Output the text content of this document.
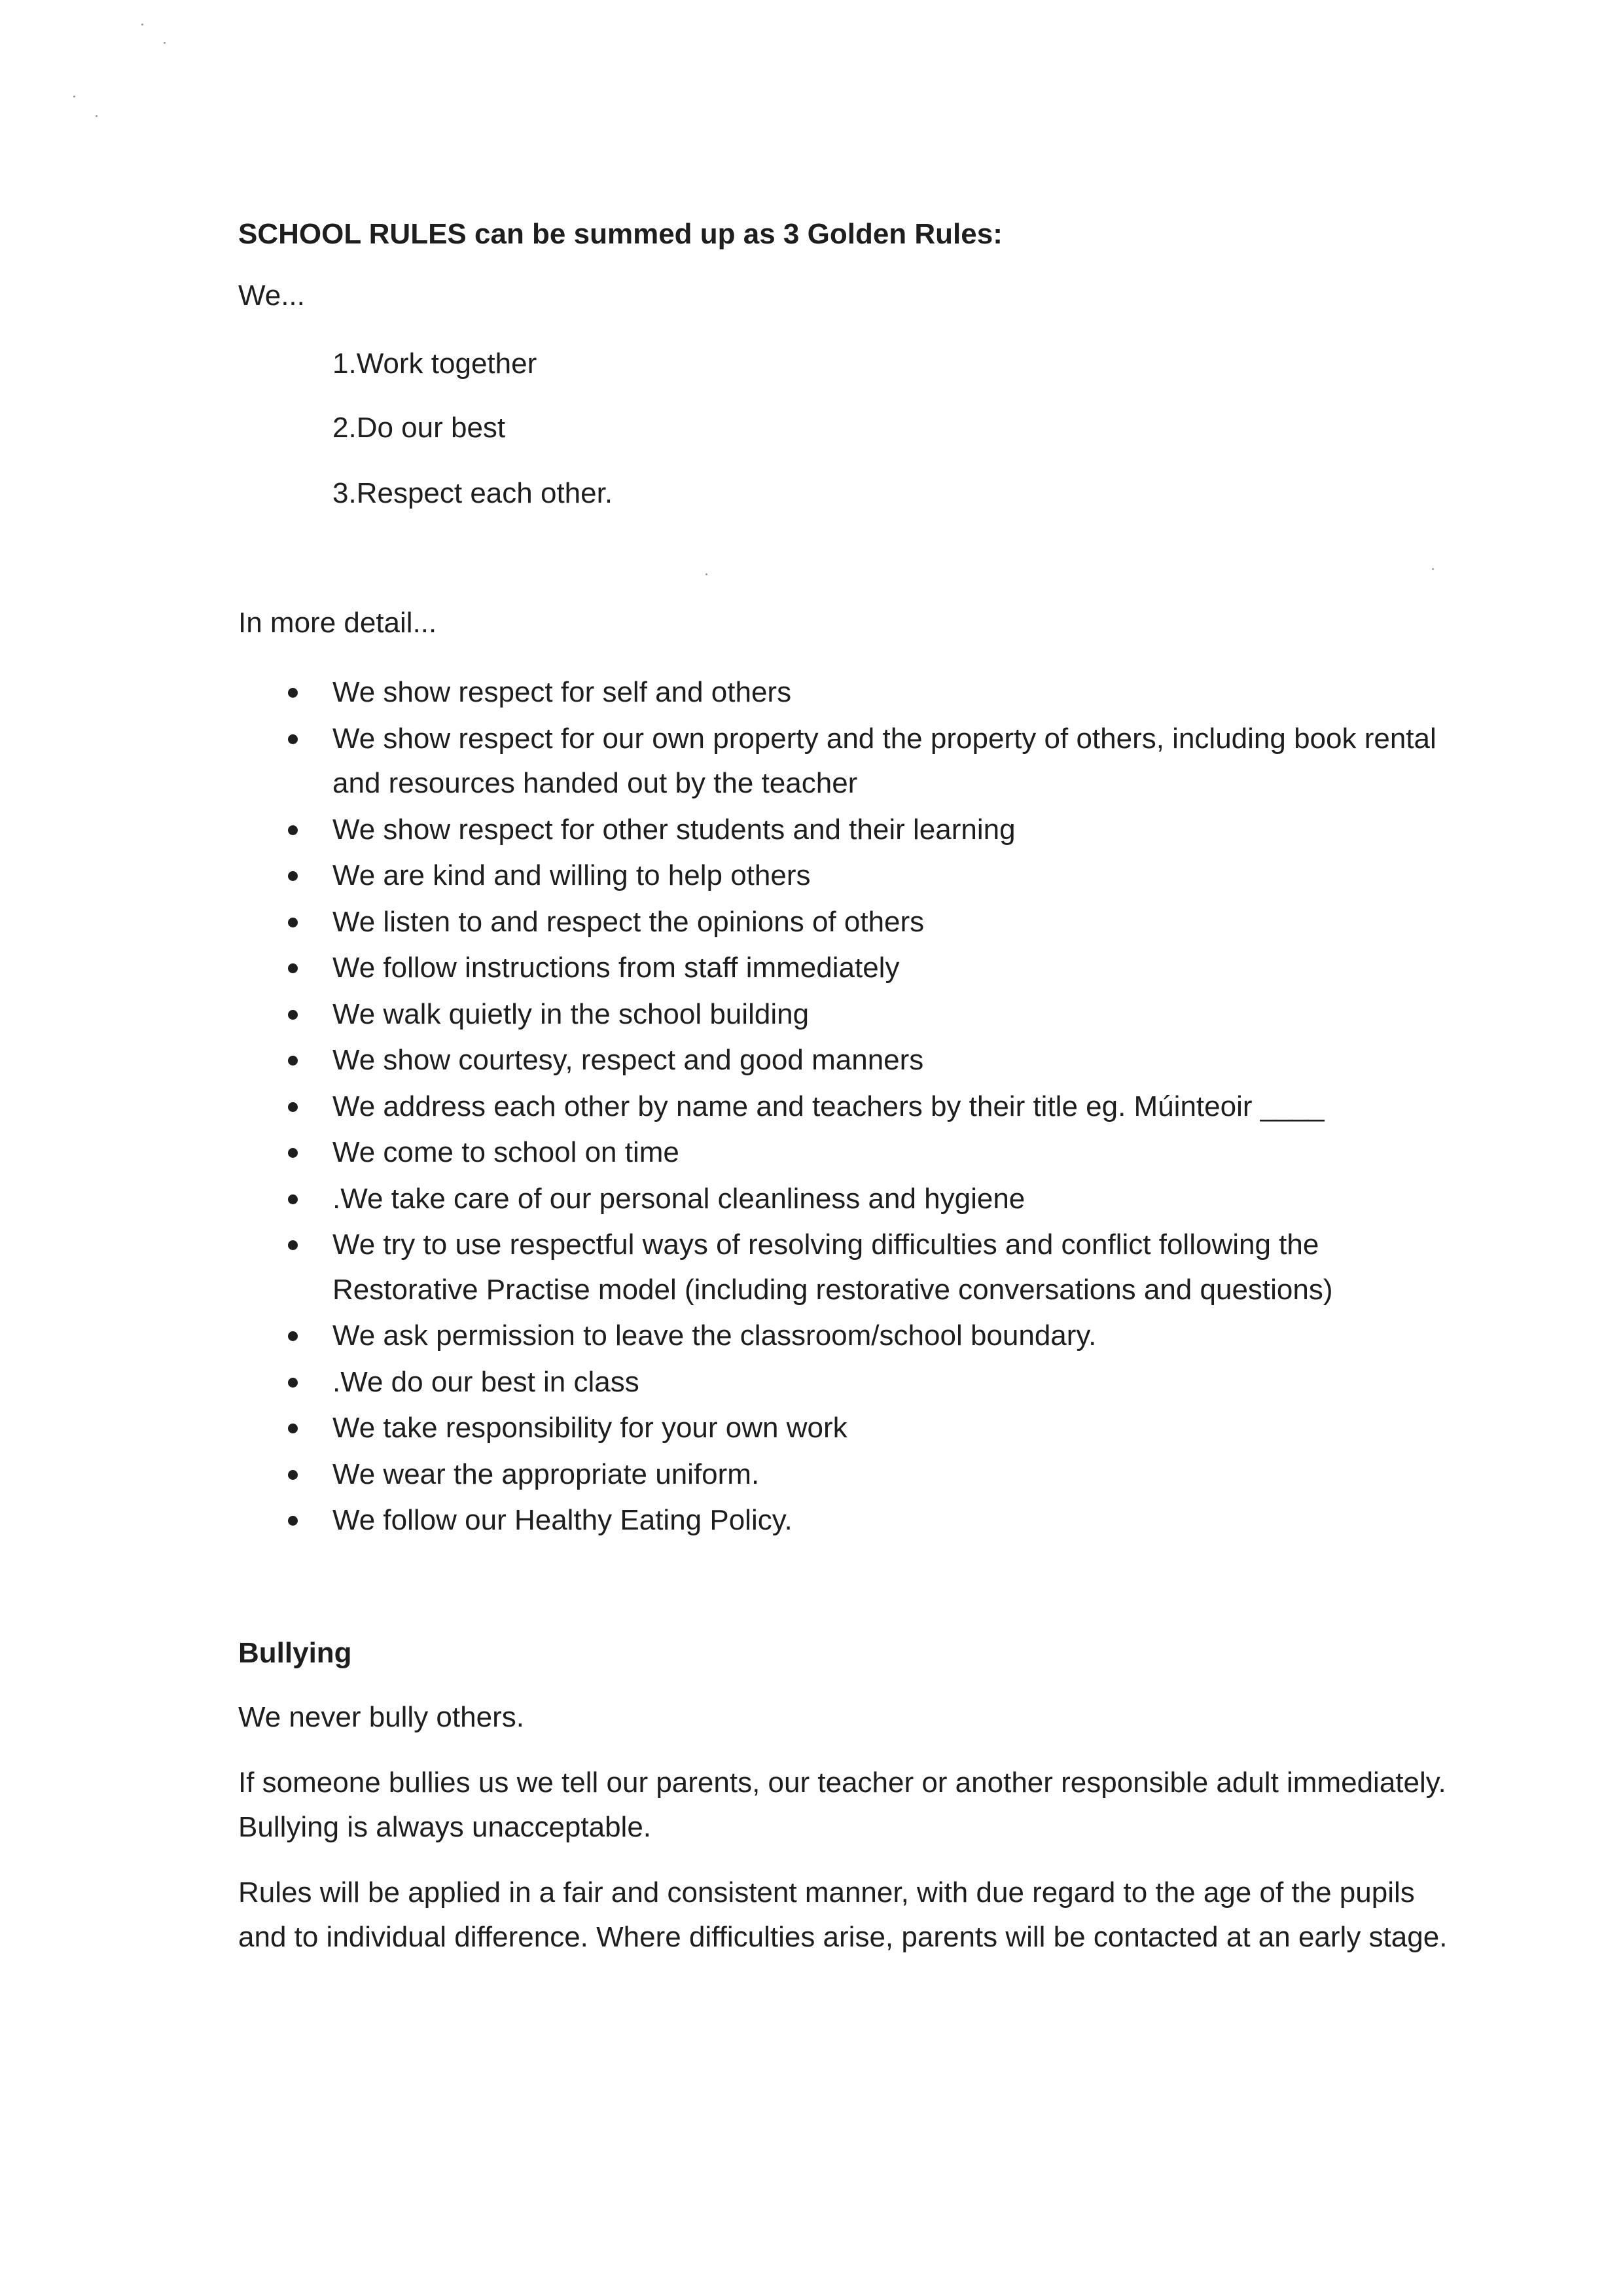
SCHOOL RULES can be summed up as 3 Golden Rules:

We...

1.Work together

2.Do our best

3.Respect each other.

In more detail...

We show respect for self and others
We show respect for our own property and the property of others, including book rental and resources handed out by the teacher
We show respect for other students and their learning
We are kind and willing to help others
We listen to and respect the opinions of others
We follow instructions from staff immediately
We walk quietly in the school building
We show courtesy, respect and good manners
We address each other by name and teachers by their title eg. Múinteoir ____
We come to school on time
.We take care of our personal cleanliness and hygiene
We try to use respectful ways of resolving difficulties and conflict following the Restorative Practise model (including restorative conversations and questions)
We ask permission to leave the classroom/school boundary.
.We do our best in class
We take responsibility for your own work
We wear the appropriate uniform.
We follow our Healthy Eating Policy.
Bullying

We never bully others.

If someone bullies us we tell our parents, our teacher or another responsible adult immediately. Bullying is always unacceptable.

Rules will be applied in a fair and consistent manner, with due regard to the age of the pupils and to individual difference. Where difficulties arise, parents will be contacted at an early stage.
